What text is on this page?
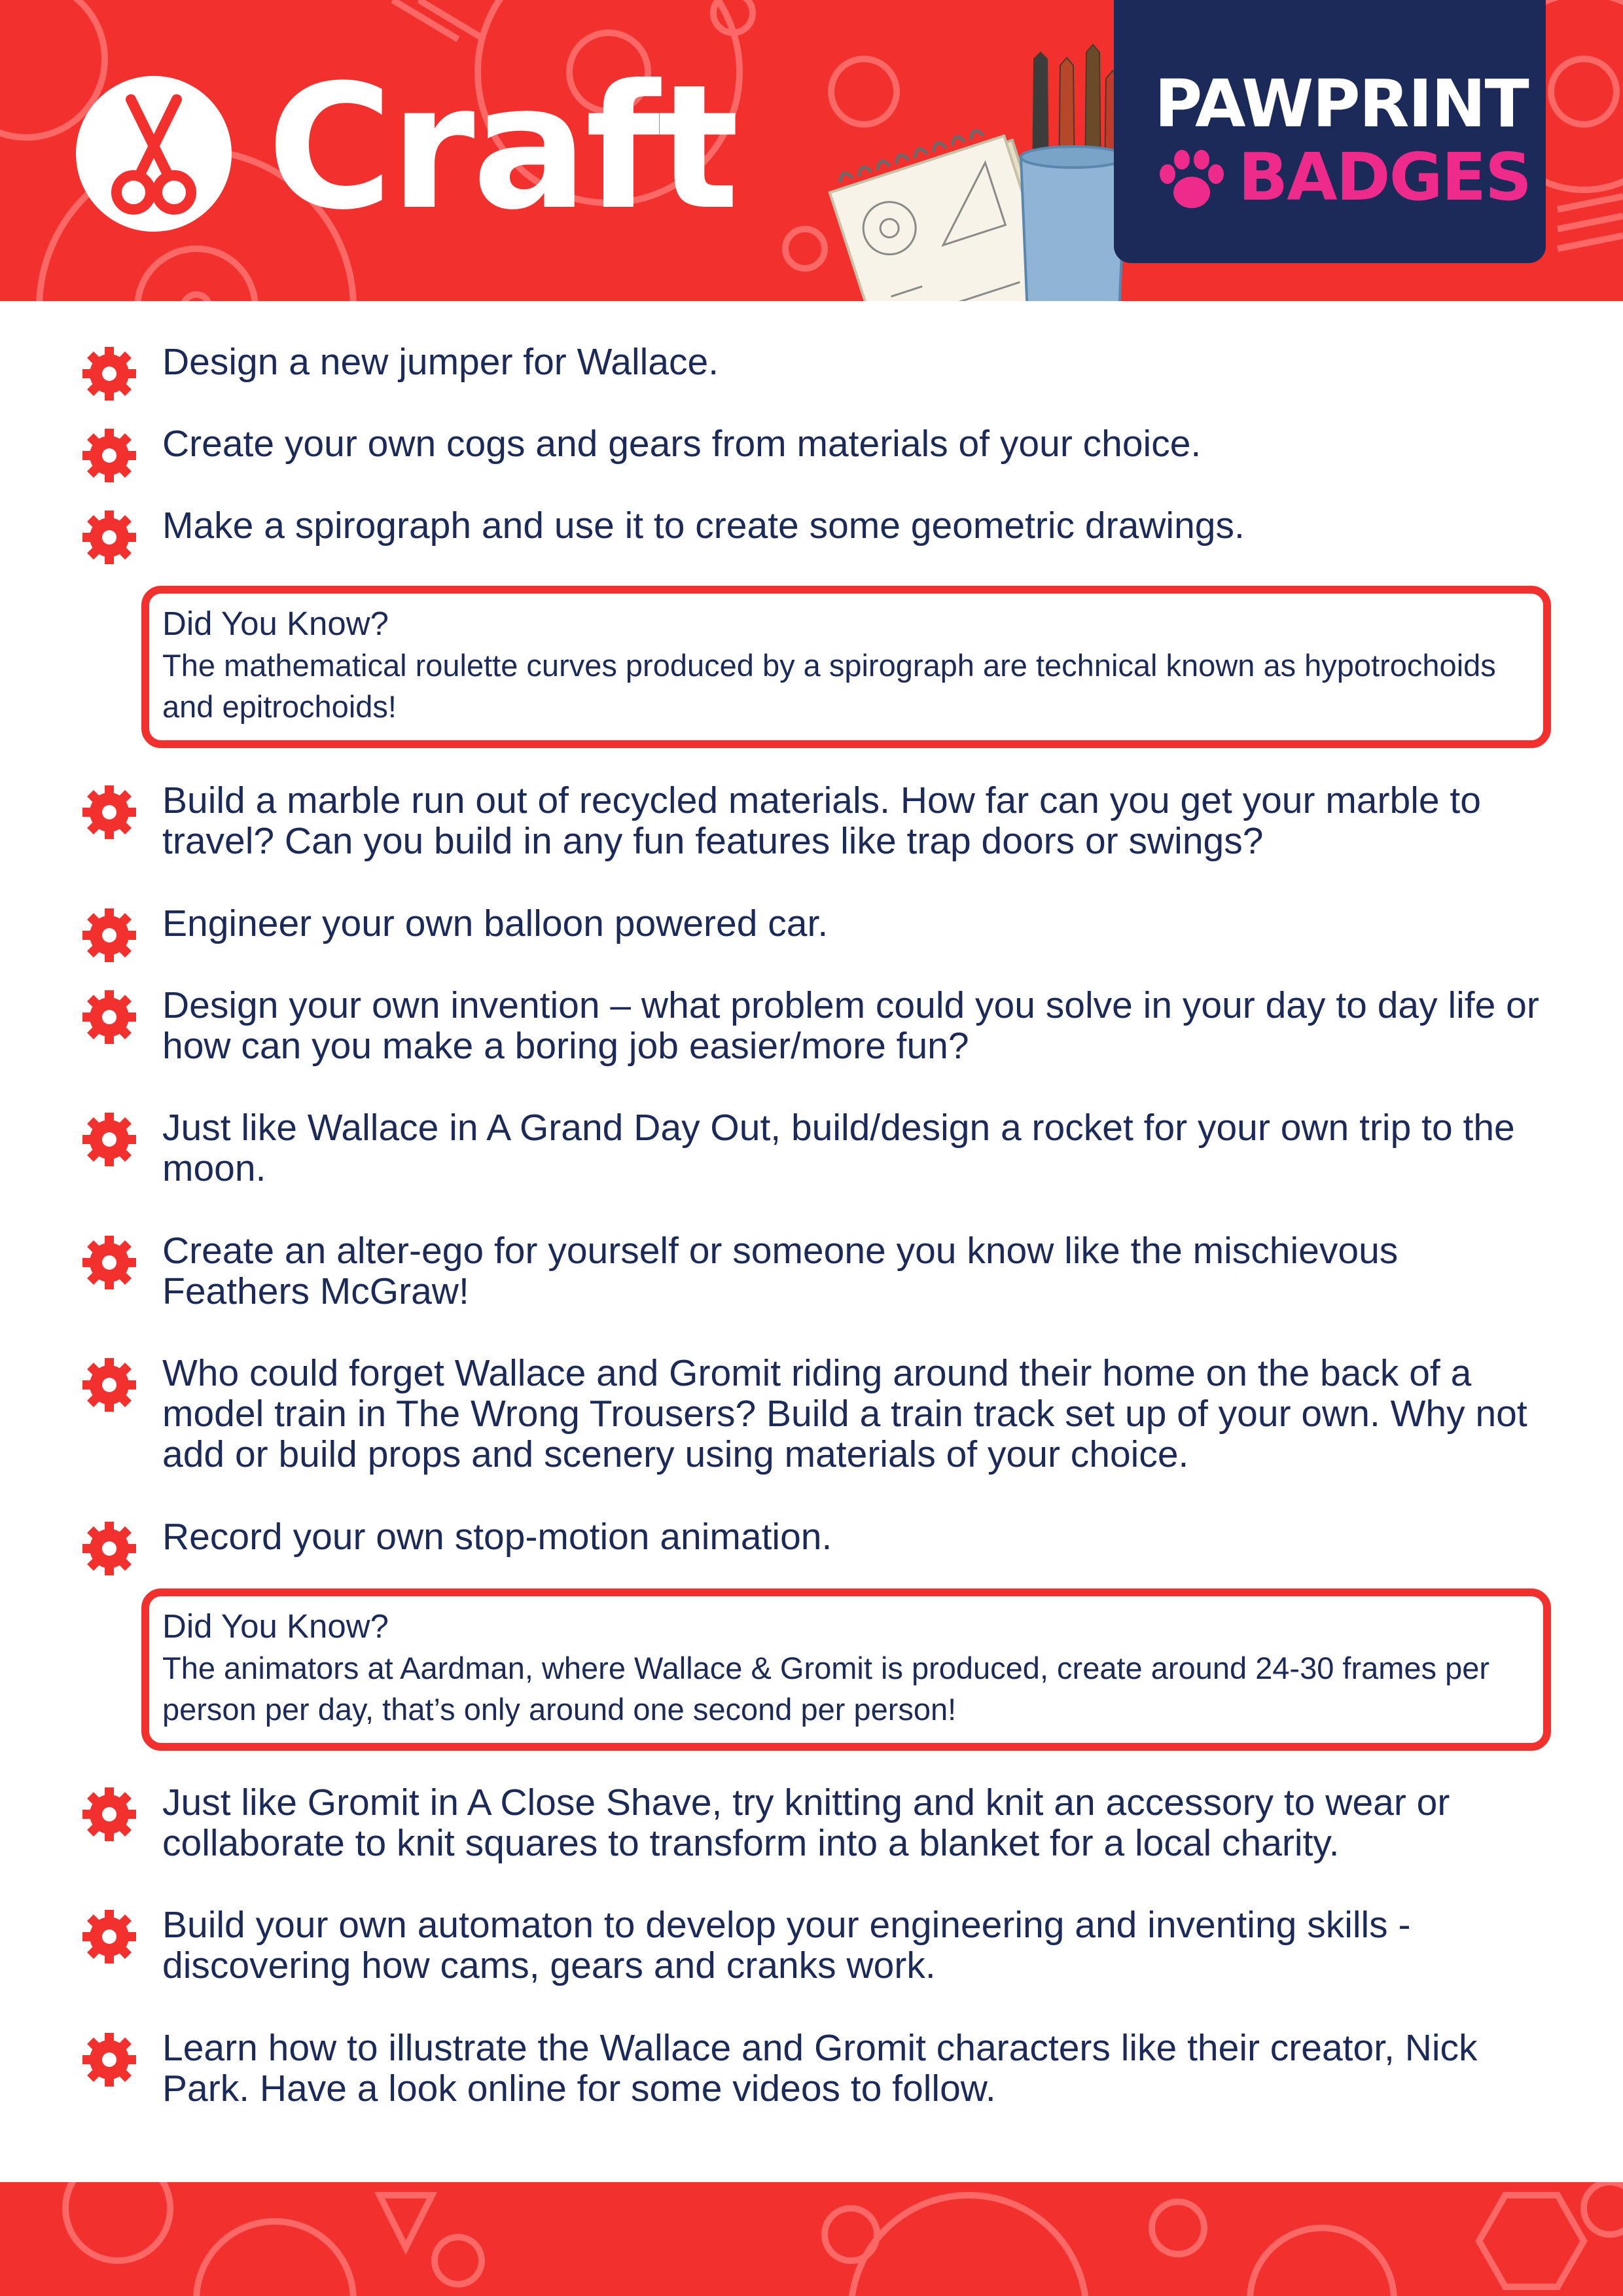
Craft	PAWPRINT
BADGES
Design a new jumper for Wallace.
Create your own cogs and gears from materials of your choice.
Make a spirograph and use it to create some geometric drawings.
Did You Know?
The mathematical roulette curves produced by a spirograph are technical known as hypotrochoids and epitrochoids!
Build a marble run out of recycled materials. How far can you get your marble to travel? Can you build in any fun features like trap doors or swings?
Engineer your own balloon powered car.
Design your own invention – what problem could you solve in your day to day life or how can you make a boring job easier/more fun?
Just like Wallace in A Grand Day Out, build/design a rocket for your own trip to the moon.
Create an alter-ego for yourself or someone you know like the mischievous Feathers McGraw!
Who could forget Wallace and Gromit riding around their home on the back of a model train in The Wrong Trousers? Build a train track set up of your own. Why not add or build props and scenery using materials of your choice.
Record your own stop-motion animation.
Did You Know?
The animators at Aardman, where Wallace & Gromit is produced, create around 24-30 frames per person per day, that’s only around one second per person!
Just like Gromit in A Close Shave, try knitting and knit an accessory to wear or collaborate to knit squares to transform into a blanket for a local charity.
Build your own automaton to develop your engineering and inventing skills - discovering how cams, gears and cranks work.
Learn how to illustrate the Wallace and Gromit characters like their creator, Nick Park. Have a look online for some videos to follow.
